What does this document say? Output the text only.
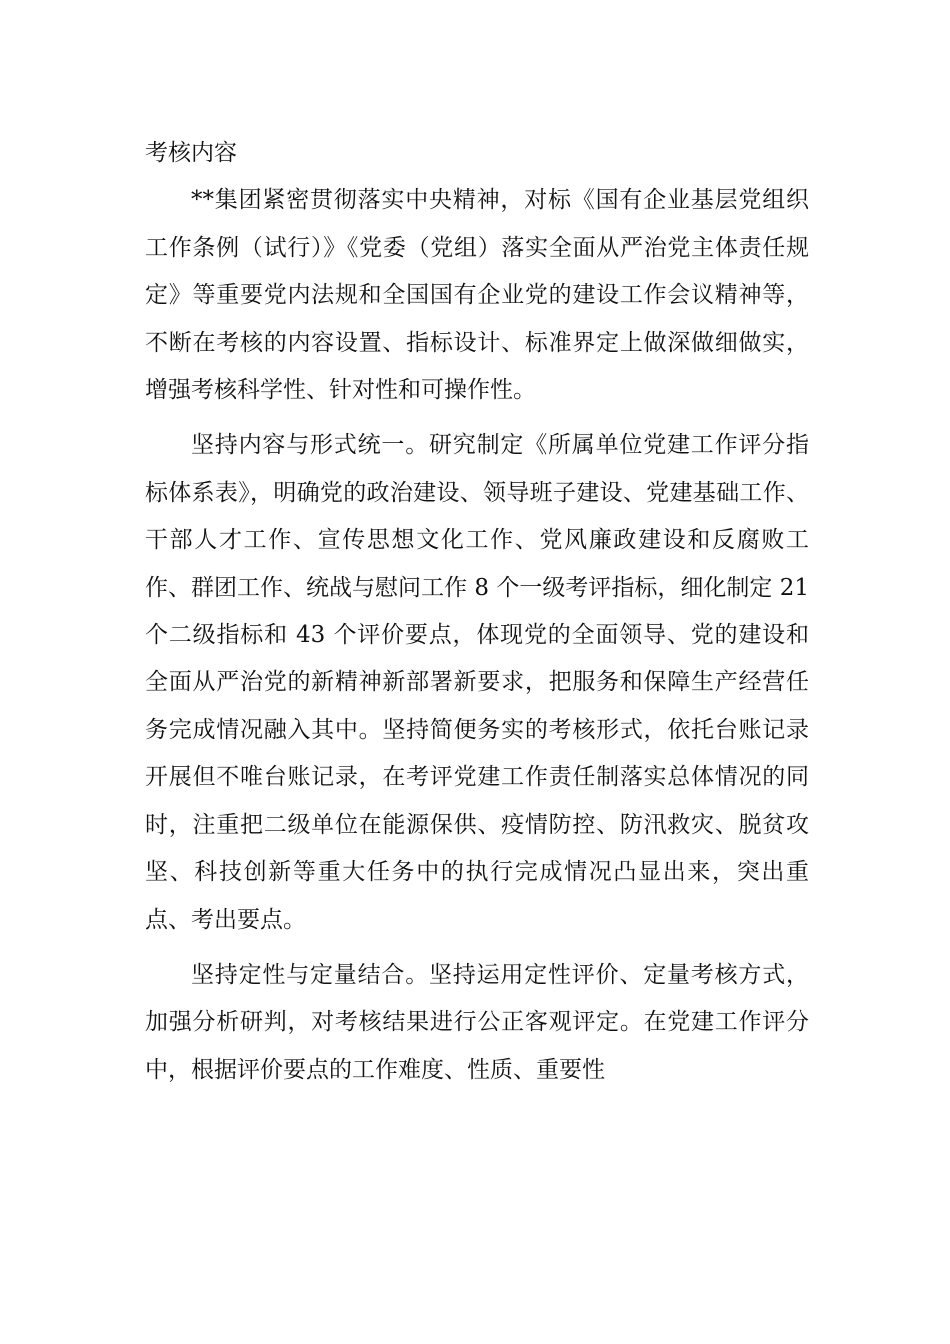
考核内容

**集团紧密贯彻落实中央精神，对标《国有企业基层党组织工作条例（试行）》《党委（党组）落实全面从严治党主体责任规定》等重要党内法规和全国国有企业党的建设工作会议精神等，不断在考核的内容设置、指标设计、标准界定上做深做细做实，增强考核科学性、针对性和可操作性。

坚持内容与形式统一。研究制定《所属单位党建工作评分指标体系表》，明确党的政治建设、领导班子建设、党建基础工作、干部人才工作、宣传思想文化工作、党风廉政建设和反腐败工作、群团工作、统战与慰问工作 8 个一级考评指标，细化制定 21 个二级指标和 43 个评价要点，体现党的全面领导、党的建设和全面从严治党的新精神新部署新要求，把服务和保障生产经营任务完成情况融入其中。坚持简便务实的考核形式，依托台账记录开展但不唯台账记录，在考评党建工作责任制落实总体情况的同时，注重把二级单位在能源保供、疫情防控、防汛救灾、脱贫攻坚、科技创新等重大任务中的执行完成情况凸显出来，突出重点、考出要点。

坚持定性与定量结合。坚持运用定性评价、定量考核方式，加强分析研判，对考核结果进行公正客观评定。在党建工作评分中，根据评价要点的工作难度、性质、重要性
